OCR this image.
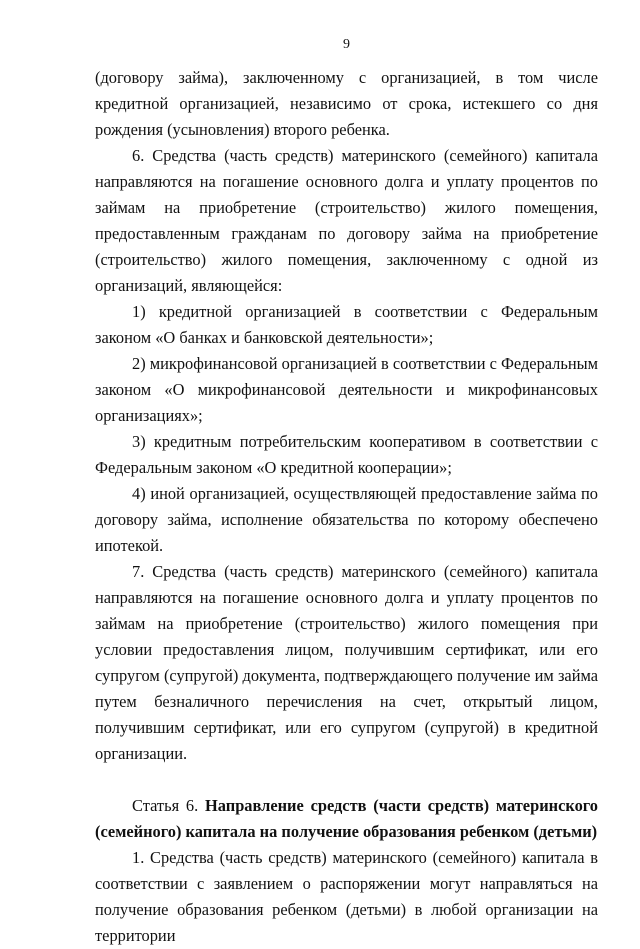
9

(договору займа), заключенному с организацией, в том числе кредитной организацией, независимо от срока, истекшего со дня рождения (усыновления) второго ребенка.

6. Средства (часть средств) материнского (семейного) капитала направляются на погашение основного долга и уплату процентов по займам на приобретение (строительство) жилого помещения, предоставленным гражданам по договору займа на приобретение (строительство) жилого помещения, заключенному с одной из организаций, являющейся:

1) кредитной организацией в соответствии с Федеральным законом «О банках и банковской деятельности»;

2) микрофинансовой организацией в соответствии с Федеральным законом «О микрофинансовой деятельности и микрофинансовых организациях»;

3) кредитным потребительским кооперативом в соответствии с Федеральным законом «О кредитной кооперации»;

4) иной организацией, осуществляющей предоставление займа по договору займа, исполнение обязательства по которому обеспечено ипотекой.

7. Средства (часть средств) материнского (семейного) капитала направляются на погашение основного долга и уплату процентов по займам на приобретение (строительство) жилого помещения при условии предоставления лицом, получившим сертификат, или его супругом (супругой) документа, подтверждающего получение им займа путем безналичного перечисления на счет, открытый лицом, получившим сертификат, или его супругом (супругой) в кредитной организации.

Статья 6. Направление средств (части средств) материнского (семейного) капитала на получение образования ребенком (детьми)

1. Средства (часть средств) материнского (семейного) капитала в соответствии с заявлением о распоряжении могут направляться на получение образования ребенком (детьми) в любой организации на территории
